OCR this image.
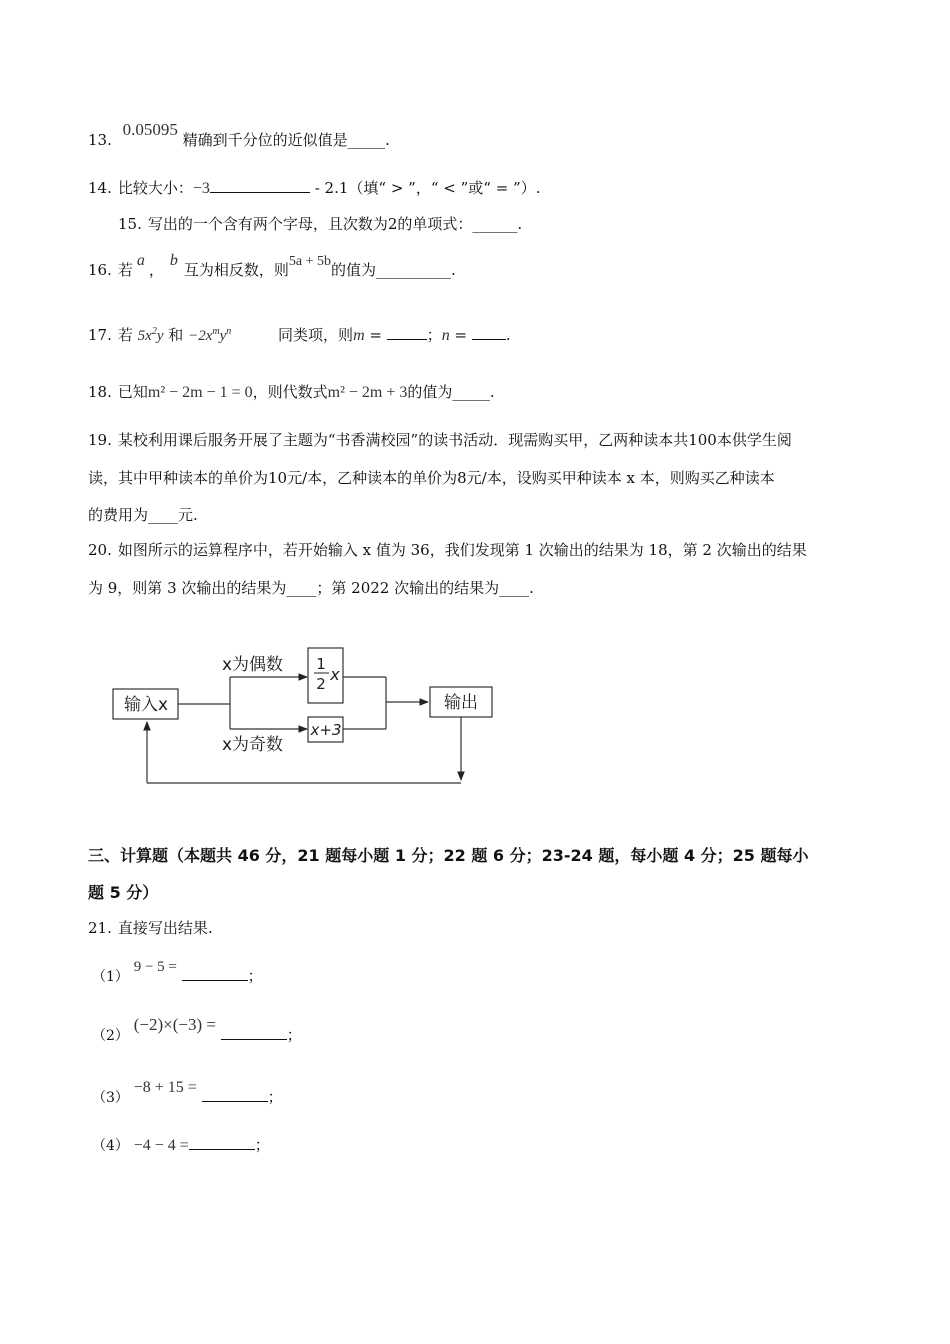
13. 0.05095 精确到千分位的近似值是_____.
14. 比较大小：−3	- 2.1（填“ > ”，“ < ”或“ = ”）.
15. 写出的一个含有两个字母，且次数为2的单项式：______.
16. 若a，b互为相反数，则5a + 5b的值为__________.
17. 若 $5x^2y$ 和 $-2x^my^n$	同类项，则m =	；n = .
18. 已知m² − 2m − 1 = 0，则代数式m² − 2m + 3的值为_____.
19. 某校利用课后服务开展了主题为“书香满校园”的读书活动．现需购买甲，乙两种读本共100本供学生阅
读，其中甲种读本的单价为10元/本，乙种读本的单价为8元/本，设购买甲种读本 x 本，则购买乙种读本
的费用为____元.
20. 如图所示的运算程序中，若开始输入 x 值为 36，我们发现第 1 次输出的结果为 18，第 2 次输出的结果
为 9，则第 3 次输出的结果为____；第 2022 次输出的结果为____.
输入x
x为偶数
x为奇数
1
2 x
x+3
输出
三、计算题（本题共 46 分，21 题每小题 1 分；22 题 6 分；23-24 题，每小题 4 分；25 题每小
题 5 分）
21. 直接写出结果.
（1） 9 − 5 =	；
（2） (−2)×(−3) = ；
（3） −8 + 15 = ；
（4） −4 − 4 =	；
